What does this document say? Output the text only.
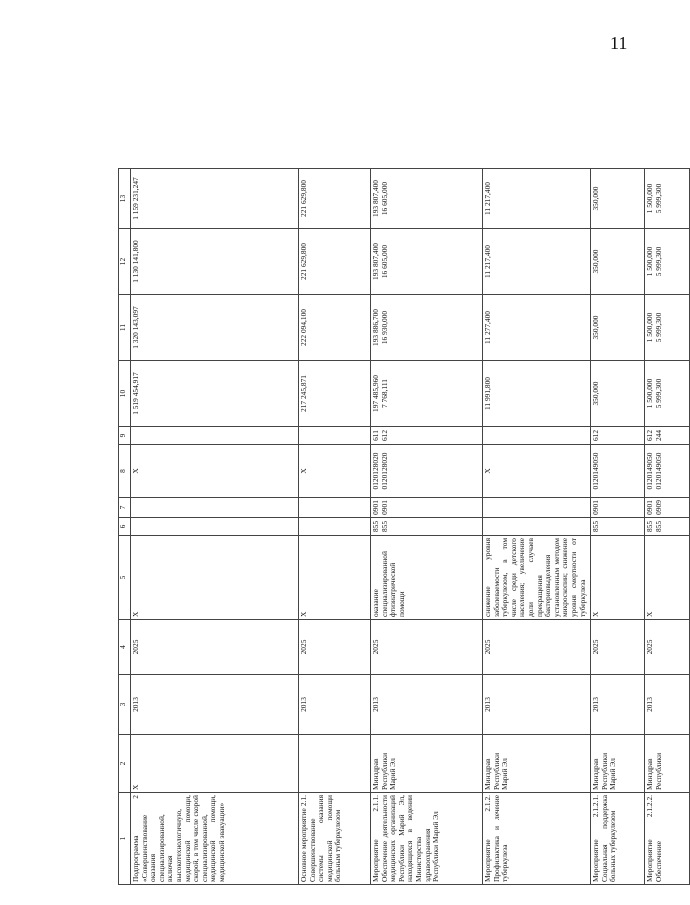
11
1	2	3	4	5	6	7	8	9	10	11	12	13
Подпрограмма 2 «Совершенствование оказания специализированной, включая высокотехнологичную, медицинской помощи, скорой, в том числе скорой специализированной, медицинской помощи, медицинской эвакуации»	X	2013	2025	X			X		1 519 454,917	1 320 143,097	1 130 141,800	1 159 231,247

Основное мероприятие 2.1. Совершенствование системы оказания медицинской помощи больным туберкулезом		2013	2025	X			X		217 245,871	222 094,100	221 629,800	221 629,800

Мероприятие 2.1.1. Обеспечение деятельности медицинских организаций Республики Марий Эл, находящихся в ведении Министерства здравоохранения Республики Марий Эл	Минздрав Республики Марий Эл	2013	2025	оказание специализированной фтизиатрической помощи	855 855	0901 0901	0120128020 0120128020	611 612	197 485,960 7 768,111	193 886,700 16 930,000	193 807,400 16 605,000	193 807,400 16 605,000

Мероприятие 2.1.2. Профилактика и лечение туберкулеза	Минздрав Республики Марий Эл	2013	2025	снижение уровня заболеваемости туберкулезом, в том числе среди детского населения; увеличение доли случаев прекращения бактериовыделения установленным методом микроскопии; снижение уровня смертности от туберкулеза			X		11 991,800	11 277,400	11 217,400	11 217,400

Мероприятие 2.1.2.1. Социальная поддержка больных туберкулезом	Минздрав Республики Марий Эл	2013	2025	X	855	0901	0120149050	612	350,000	350,000	350,000	350,000

Мероприятие 2.1.2.2. Обеспечение	Минздрав Республики	2013	2025	X	855 855	0901 0909	0120149050 0120149050	612 244	1 500,000 5 999,300	1 500,000 5 999,300	1 500,000 5 999,300	1 500,000 5 999,300
